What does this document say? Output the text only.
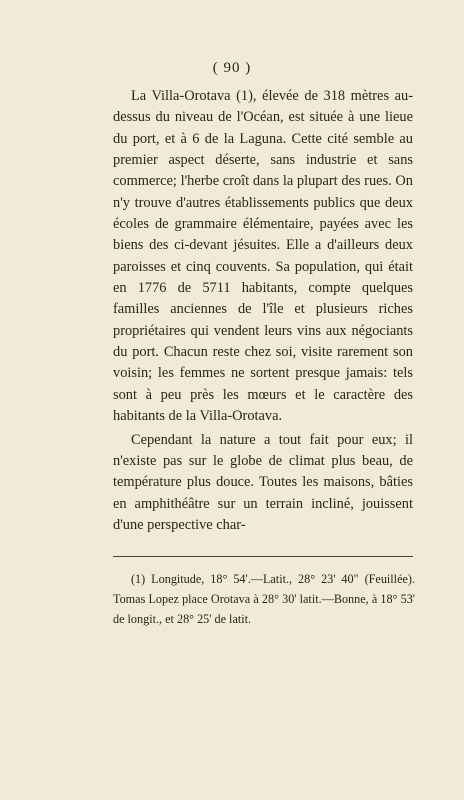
( 90 )

La Villa-Orotava (1), élevée de 318 mètres au-dessus du niveau de l'Océan, est située à une lieue du port, et à 6 de la Laguna. Cette cité semble au premier aspect déserte, sans industrie et sans commerce; l'herbe croît dans la plupart des rues. On n'y trouve d'autres établissements publics que deux écoles de grammaire élémentaire, payées avec les biens des ci-devant jésuites. Elle a d'ailleurs deux paroisses et cinq couvents. Sa population, qui était en 1776 de 5711 habitants, compte quelques familles anciennes de l'île et plusieurs riches propriétaires qui vendent leurs vins aux négociants du port. Chacun reste chez soi, visite rarement son voisin; les femmes ne sortent presque jamais: tels sont à peu près les mœurs et le caractère des habitants de la Villa-Orotava.

Cependant la nature a tout fait pour eux; il n'existe pas sur le globe de climat plus beau, de température plus douce. Toutes les maisons, bâties en amphithéâtre sur un terrain incliné, jouissent d'une perspective char-

(1) Longitude, 18° 54'.—Latit., 28° 23' 40" (Feuillée). Tomas Lopez place Orotava à 28° 30' latit.—Bonne, à 18° 53' de longit., et 28° 25' de latit.
